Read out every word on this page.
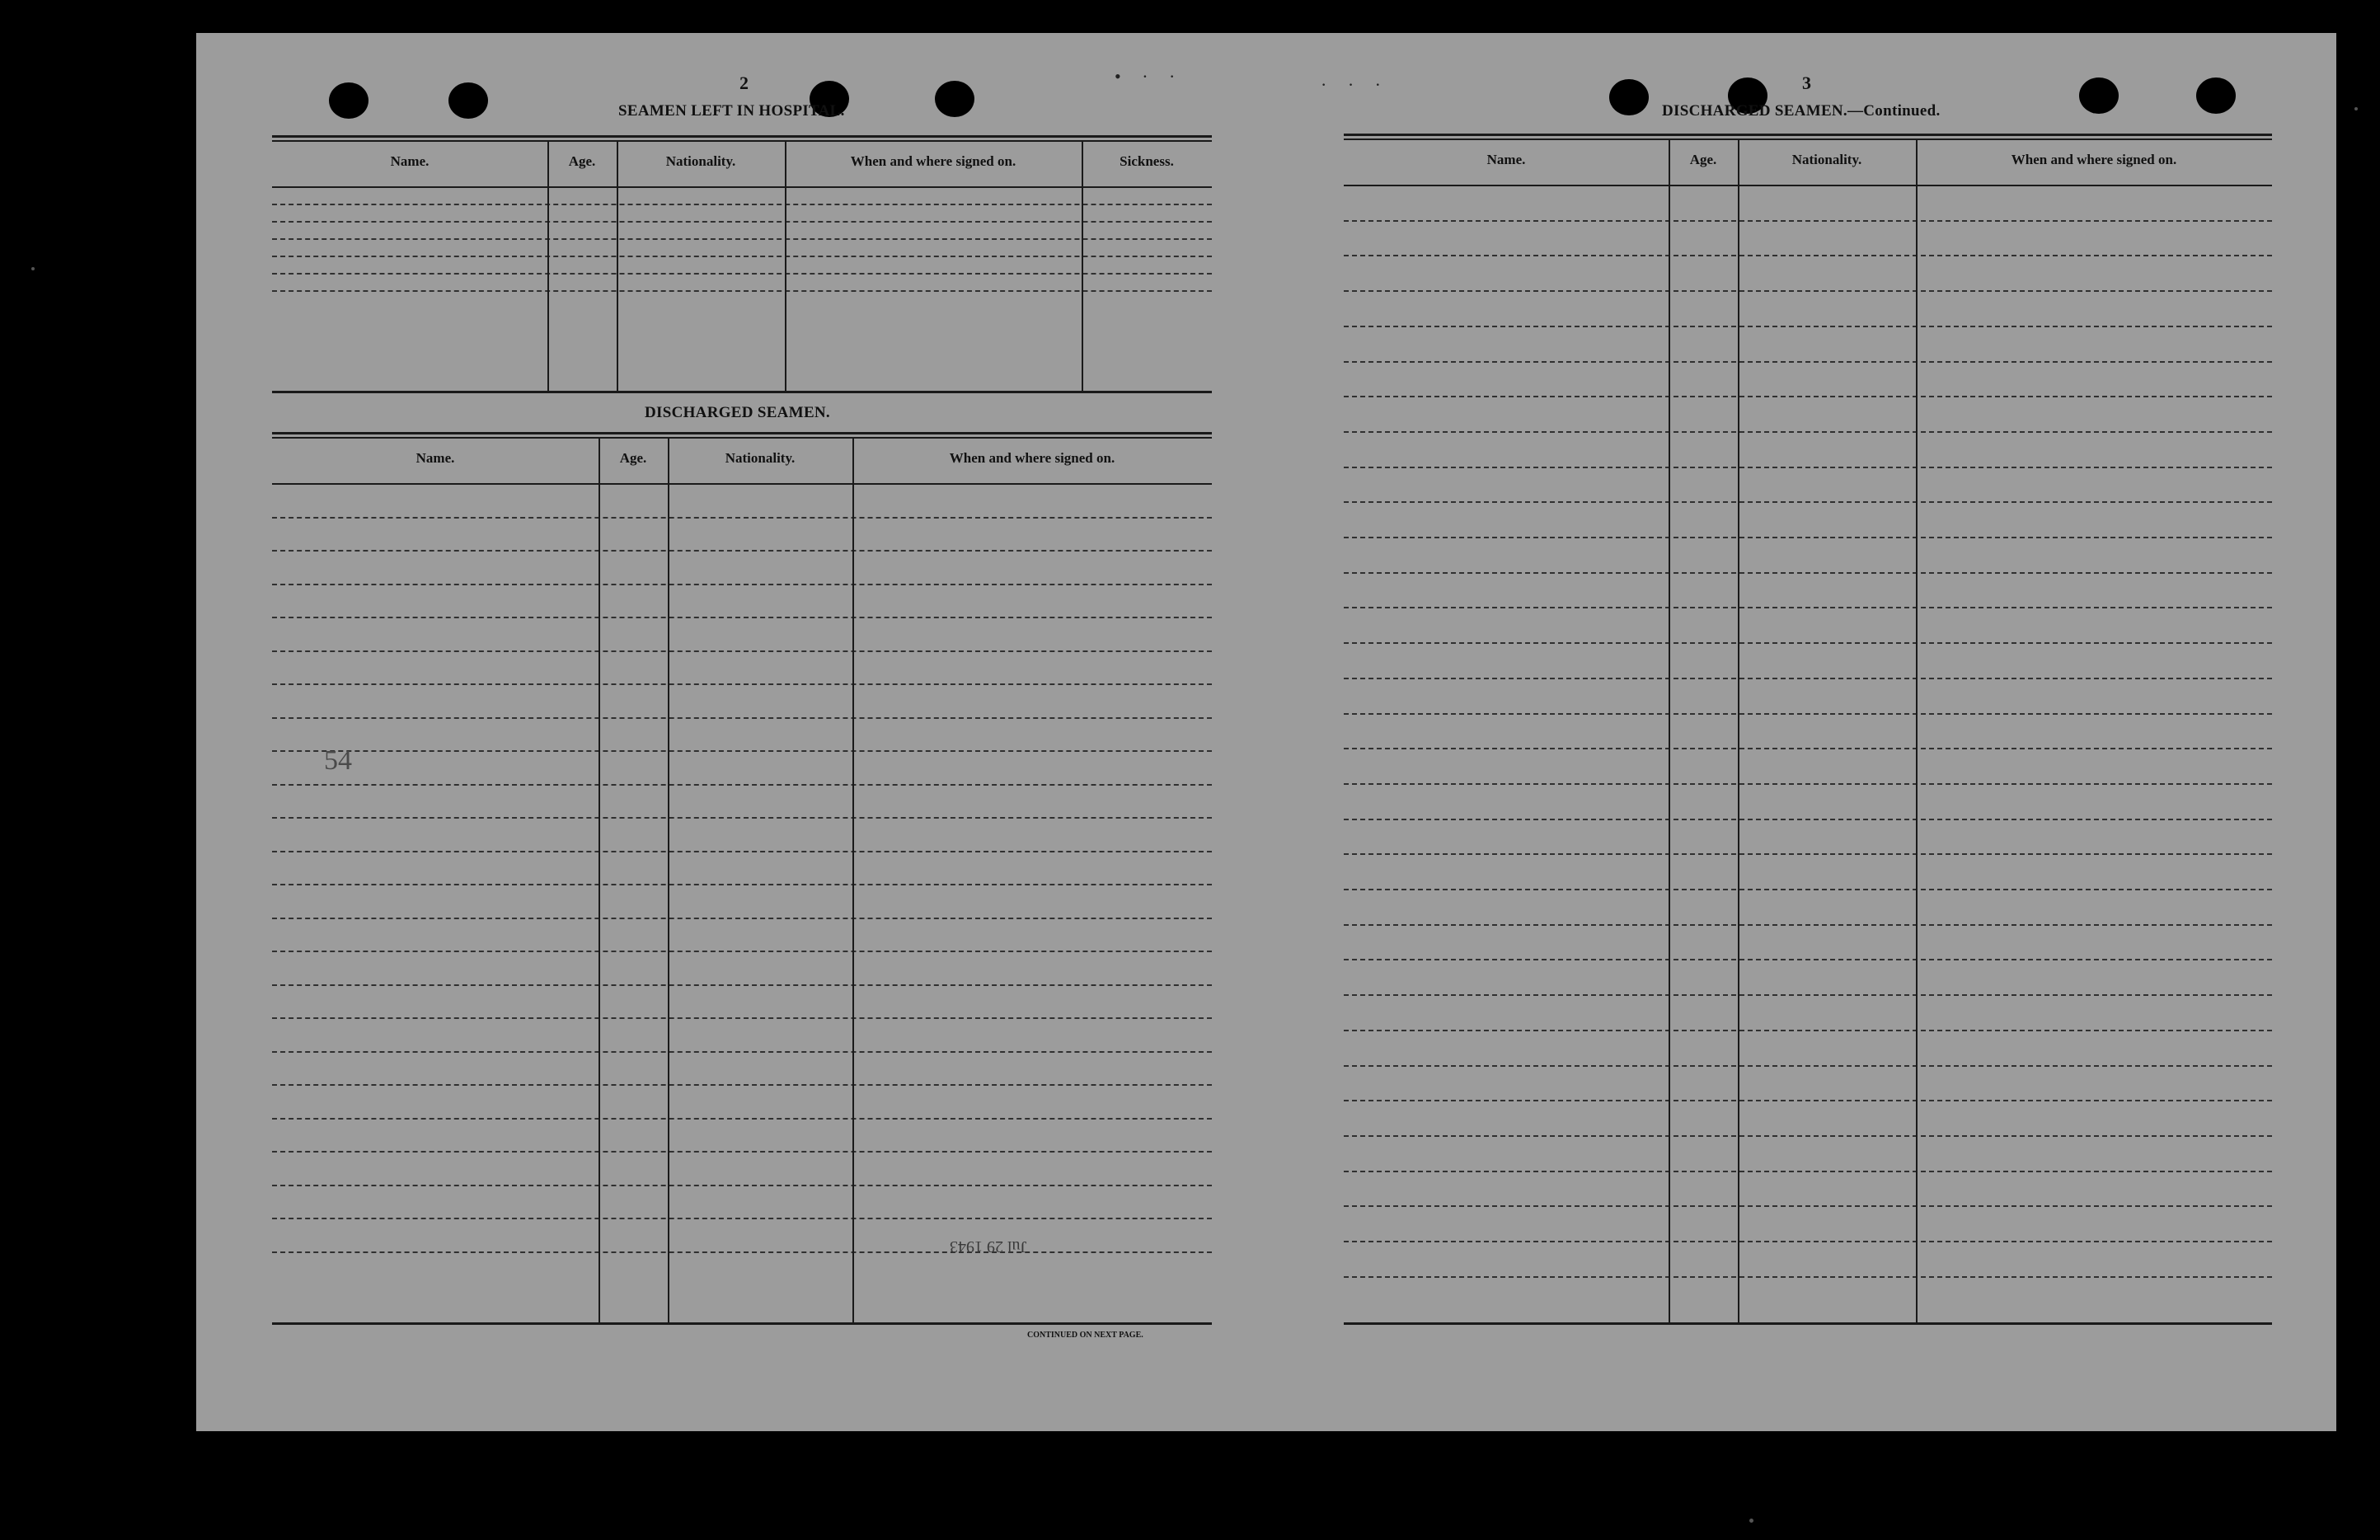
• · ·	· · ·
2	3
SEAMEN LEFT IN HOSPITAL.
DISCHARGED SEAMEN.
DISCHARGED SEAMEN.—Continued.
Name.	Age.	Nationality.	When and where signed on.	Sickness.
Name.	Age.	Nationality.	When and where signed on.
Name.	Age.	Nationality.	When and where signed on.
CONTINUED ON NEXT PAGE.
54
Jul 29 1943
